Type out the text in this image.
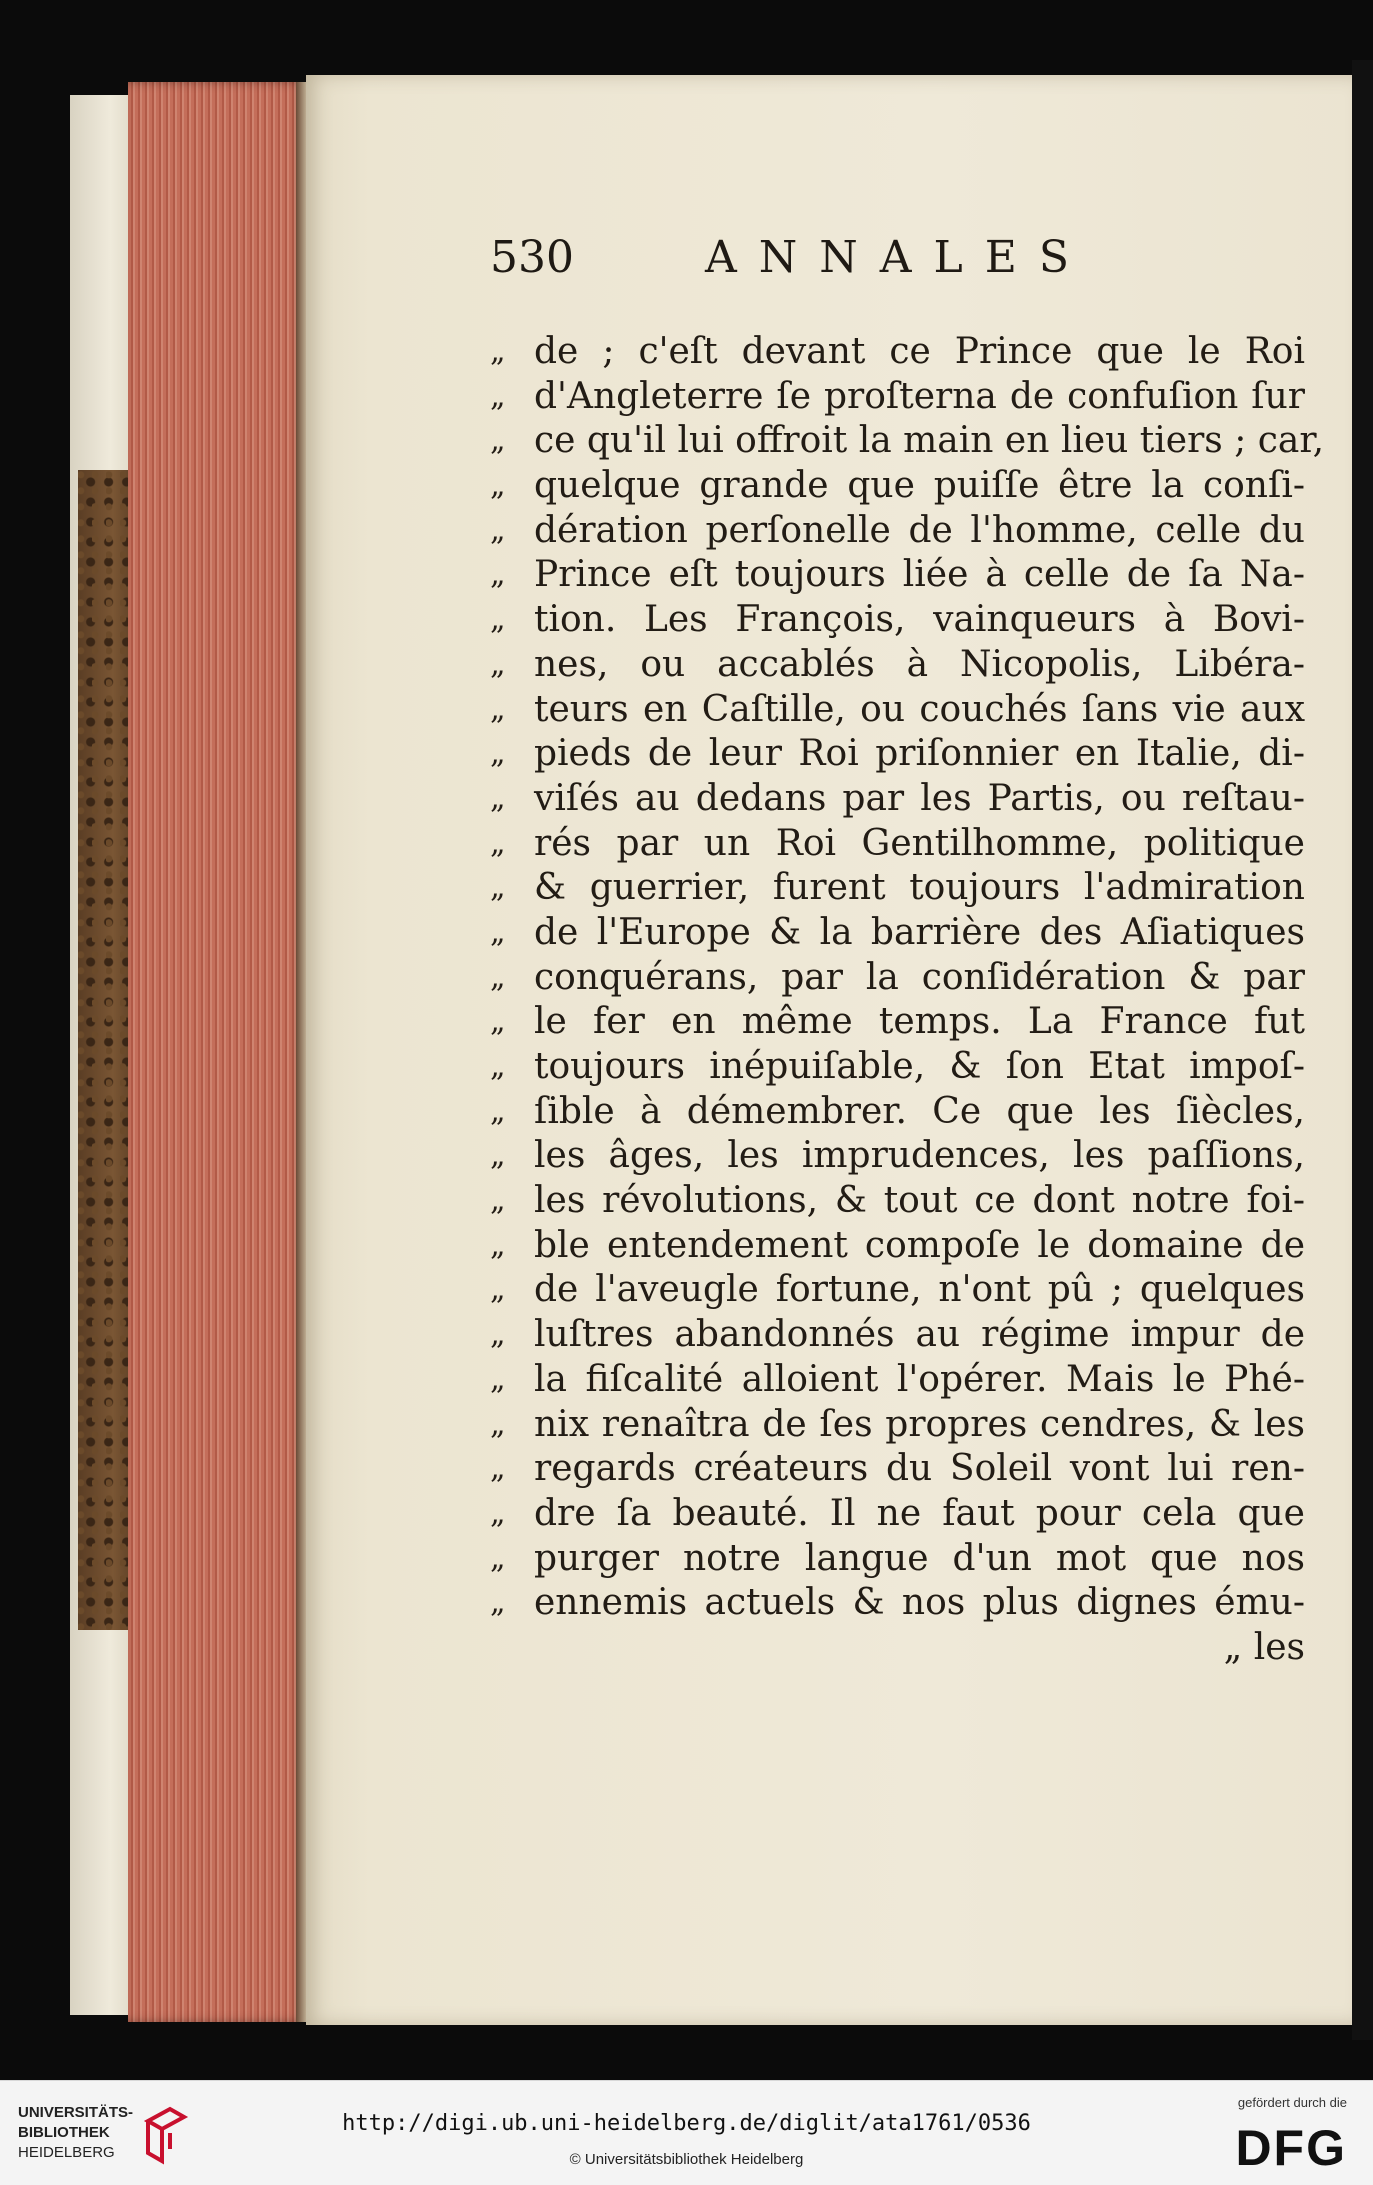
530	ANNALES
„ de ; c'eſt devant ce Prince que le Roi
„ d'Angleterre ſe proſterna de confuſion ſur
„ ce qu'il lui offroit la main en lieu tiers ; car,
„ quelque grande que puiſſe être la conſi-
„ dération perſonelle de l'homme, celle du
„ Prince eſt toujours liée à celle de ſa Na-
„ tion. Les François, vainqueurs à Bovi-
„ nes, ou accablés à Nicopolis, Libéra-
„ teurs en Caſtille, ou couchés ſans vie aux
„ pieds de leur Roi priſonnier en Italie, di-
„ viſés au dedans par les Partis, ou reſtau-
„ rés par un Roi Gentilhomme, politique
„ & guerrier, furent toujours l'admiration
„ de l'Europe & la barrière des Aſiatiques
„ conquérans, par la conſidération & par
„ le fer en même temps. La France fut
„ toujours inépuiſable, & ſon Etat impoſ-
„ ſible à démembrer. Ce que les ſiècles,
„ les âges, les imprudences, les paſſions,
„ les révolutions, & tout ce dont notre foi-
„ ble entendement compoſe le domaine de
„ de l'aveugle fortune, n'ont pû ; quelques
„ luſtres abandonnés au régime impur de
„ la fiſcalité alloient l'opérer. Mais le Phé-
„ nix renaîtra de ſes propres cendres, & les
„ regards créateurs du Soleil vont lui ren-
„ dre ſa beauté. Il ne faut pour cela que
„ purger notre langue d'un mot que nos
„ ennemis actuels & nos plus dignes ému-
„ les
UNIVERSITÄTS-
BIBLIOTHEK
HEIDELBERG
http://digi.ub.uni-heidelberg.de/diglit/ata1761/0536
© Universitätsbibliothek Heidelberg
gefördert durch die
DFG
